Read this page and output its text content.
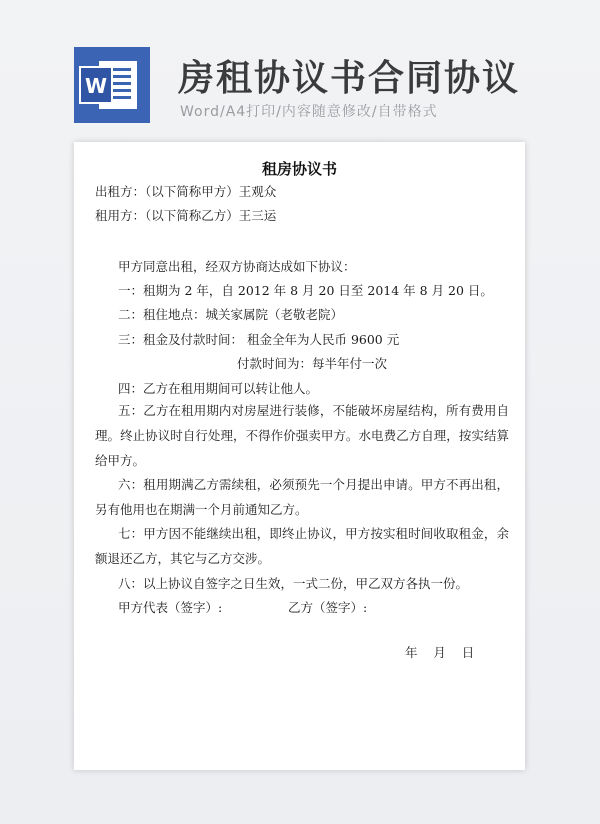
W 房租协议书合同协议
Word/A4打印/内容随意修改/自带格式
租房协议书
出租方：（以下简称甲方）王观众
租用方：（以下简称乙方）王三运
甲方同意出租，经双方协商达成如下协议：
一：租期为 2 年，自 2012 年 8 月 20 日至 2014 年 8 月 20 日。
二：租住地点：城关家属院（老敬老院）
三：租金及付款时间： 租金全年为人民币 9600 元
付款时间为：每半年付一次
四：乙方在租用期间可以转让他人。
五：乙方在租用期内对房屋进行装修，不能破坏房屋结构，所有费用自理。终止协议时自行处理，不得作价强卖甲方。水电费乙方自理，按实结算给甲方。
六：租用期满乙方需续租，必须预先一个月提出申请。甲方不再出租，另有他用也在期满一个月前通知乙方。
七：甲方因不能继续出租，即终止协议，甲方按实租时间收取租金，余额退还乙方，其它与乙方交涉。
八：以上协议自签字之日生效，一式二份，甲乙双方各执一份。
甲方代表（签字）:	乙方（签字）:
年    月    日
